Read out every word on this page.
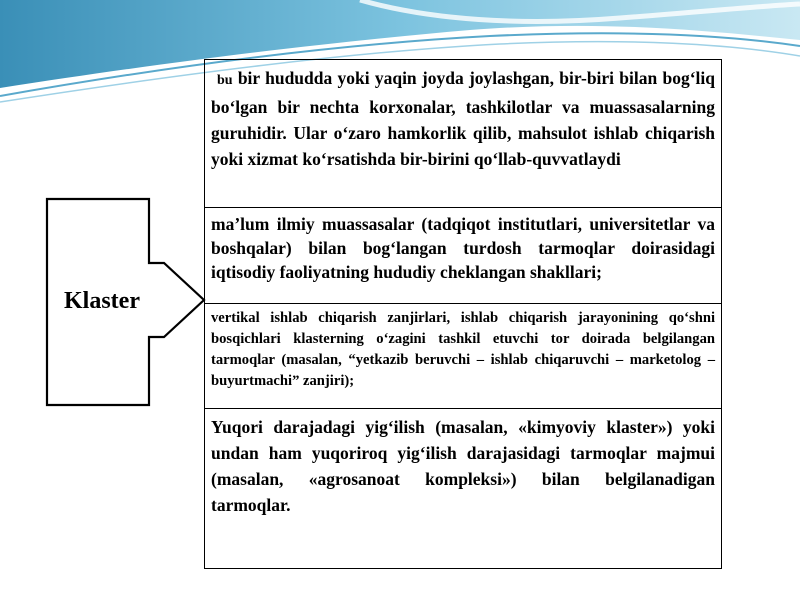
Klaster
bu bir hududda yoki yaqin joyda joylashgan, bir-biri bilan bog‘liq bo‘lgan bir nechta korxonalar, tashkilotlar va muassasalarning guruhidir. Ular o‘zaro hamkorlik qilib, mahsulot ishlab chiqarish yoki xizmat ko‘rsatishda bir-birini qo‘llab-quvvatlaydi
ma’lum ilmiy muassasalar (tadqiqot institutlari, universitetlar va boshqalar) bilan bog‘langan turdosh tarmoqlar doirasidagi iqtisodiy faoliyatning hududiy cheklangan shakllari;
vertikal ishlab chiqarish zanjirlari, ishlab chiqarish jarayonining qo‘shni bosqichlari klasterning o‘zagini tashkil etuvchi tor doirada belgilangan tarmoqlar (masalan, “yetkazib beruvchi – ishlab chiqaruvchi – marketolog – buyurtmachi” zanjiri);
Yuqori darajadagi yig‘ilish (masalan, «kimyoviy klaster») yoki undan ham yuqoriroq yig‘ilish darajasidagi tarmoqlar majmui (masalan, «agrosanoat kompleksi») bilan belgilanadigan tarmoqlar.
